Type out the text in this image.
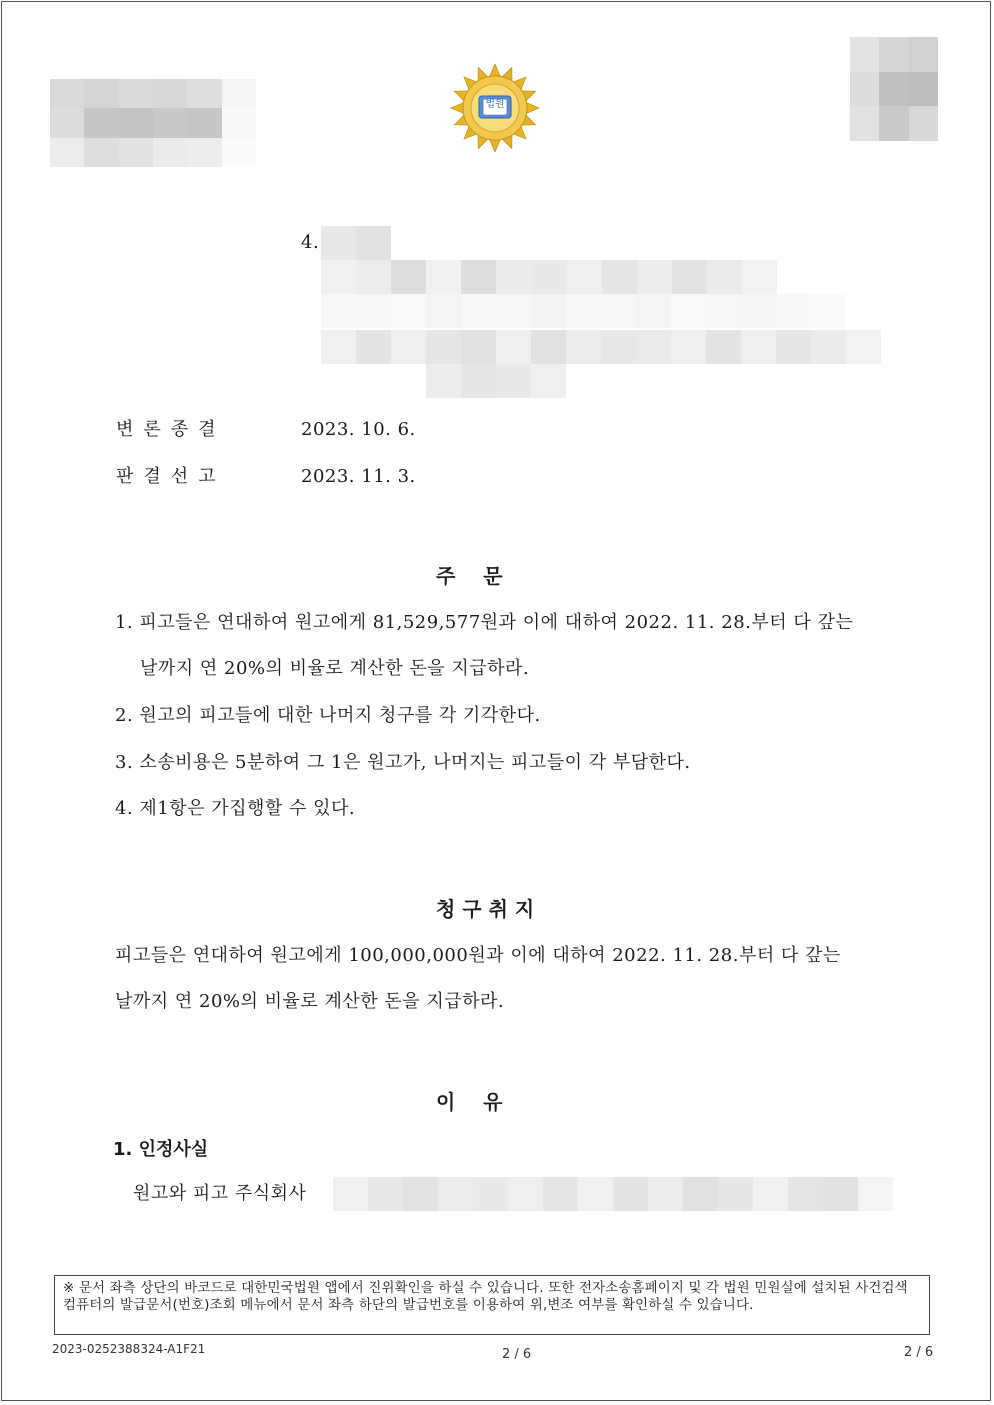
법원
4.
변론종결	2023. 10. 6.
판결선고	2023. 11. 3.
주    문
1. 피고들은 연대하여 원고에게 81,529,577원과 이에 대하여 2022. 11. 28.부터 다 갚는
날까지 연 20%의 비율로 계산한 돈을 지급하라.
2. 원고의 피고들에 대한 나머지 청구를 각 기각한다.
3. 소송비용은 5분하여 그 1은 원고가, 나머지는 피고들이 각 부담한다.
4. 제1항은 가집행할 수 있다.
청 구 취 지
피고들은 연대하여 원고에게 100,000,000원과 이에 대하여 2022. 11. 28.부터 다 갚는
날까지 연 20%의 비율로 계산한 돈을 지급하라.
이    유
1. 인정사실
원고와 피고 주식회사
※ 문서 좌측 상단의 바코드로 대한민국법원 앱에서 진위확인을 하실 수 있습니다. 또한 전자소송홈페이지 및 각 법원 민원실에 설치된 사건검색 컴퓨터의 발급문서(번호)조회 메뉴에서 문서 좌측 하단의 발급번호를 이용하여 위,변조 여부를 확인하실 수 있습니다.
2023-0252388324-A1F21	2 / 6	2 / 6
